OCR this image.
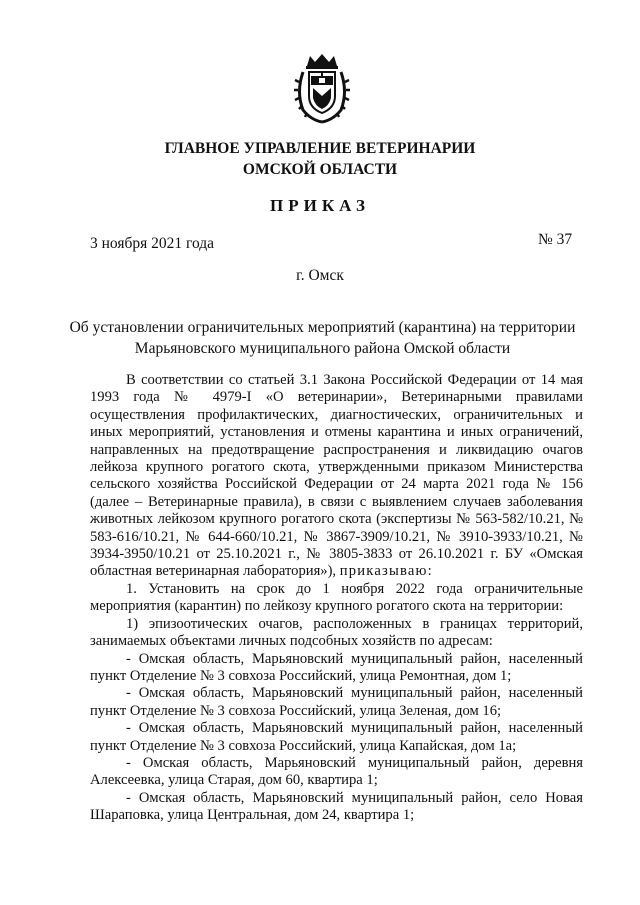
ГЛАВНОЕ УПРАВЛЕНИЕ ВЕТЕРИНАРИИ
ОМСКОЙ ОБЛАСТИ
ПРИКАЗ
3 ноября 2021 года	№ 37
г. Омск
Об установлении ограничительных мероприятий (карантина) на территории
Марьяновского муниципального района Омской области

В соответствии со статьей 3.1 Закона Российской Федерации от 14 мая 1993 года № 4979-I «О ветеринарии», Ветеринарными правилами осуществления профилактических, диагностических, ограничительных и иных мероприятий, установления и отмены карантина и иных ограничений, направленных на предотвращение распространения и ликвидацию очагов лейкоза крупного рогатого скота, утвержденными приказом Министерства сельского хозяйства Российской Федерации от 24 марта 2021 года № 156 (далее – Ветеринарные правила), в связи с выявлением случаев заболевания животных лейкозом крупного рогатого скота (экспертизы № 563-582/10.21, № 583-616/10.21, № 644-660/10.21, № 3867-3909/10.21, № 3910-3933/10.21, № 3934-3950/10.21 от 25.10.2021 г., № 3805-3833 от 26.10.2021 г. БУ «Омская областная ветеринарная лаборатория»), приказываю:

1. Установить на срок до 1 ноября 2022 года ограничительные мероприятия (карантин) по лейкозу крупного рогатого скота на территории:

1) эпизоотических очагов, расположенных в границах территорий, занимаемых объектами личных подсобных хозяйств по адресам:

- Омская область, Марьяновский муниципальный район, населенный пункт Отделение № 3 совхоза Российский, улица Ремонтная, дом 1;

- Омская область, Марьяновский муниципальный район, населенный пункт Отделение № 3 совхоза Российский, улица Зеленая, дом 16;

- Омская область, Марьяновский муниципальный район, населенный пункт Отделение № 3 совхоза Российский, улица Капайская, дом 1а;

- Омская область, Марьяновский муниципальный район, деревня Алексеевка, улица Старая, дом 60, квартира 1;

- Омская область, Марьяновский муниципальный район, село Новая Шараповка, улица Центральная, дом 24, квартира 1;
